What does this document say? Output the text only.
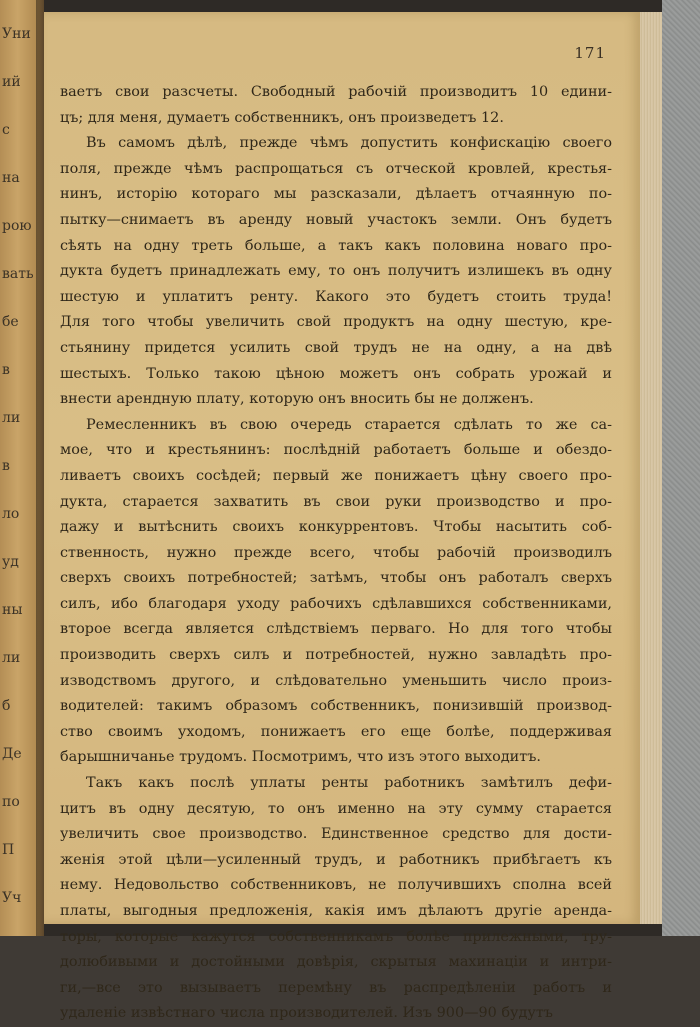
Уни
ий
с
на
рою
вать
бе
в
ли
в
ло
уд
ны
ли
б
Де
по
П
Уч
171
ваетъ свои разсчеты. Свободный рабочій производитъ 10 едини-
цъ; для меня, думаетъ собственникъ, онъ произведетъ 12.
Въ самомъ дѣлѣ, прежде чѣмъ допустить конфискацію своего
поля, прежде чѣмъ распрощаться съ отческой кровлей, крестья-
нинъ, исторію котораго мы разсказали, дѣлаетъ отчаянную по-
пытку—снимаетъ въ аренду новый участокъ земли. Онъ будетъ
сѣять на одну треть больше, а такъ какъ половина новаго про-
дукта будетъ принадлежать ему, то онъ получитъ излишекъ въ одну
шестую и уплатитъ ренту. Какого это будетъ стоить труда!
Для того чтобы увеличить свой продуктъ на одну шестую, кре-
стьянину придется усилить свой трудъ не на одну, а на двѣ
шестыхъ. Только такою цѣною можетъ онъ собрать урожай и
внести арендную плату, которую онъ вносить бы не долженъ.
Ремесленникъ въ свою очередь старается сдѣлать то же са-
мое, что и крестьянинъ: послѣдній работаетъ больше и обездо-
ливаетъ своихъ сосѣдей; первый же понижаетъ цѣну своего про-
дукта, старается захватить въ свои руки производство и про-
дажу и вытѣснить своихъ конкуррентовъ. Чтобы насытить соб-
ственность, нужно прежде всего, чтобы рабочій производилъ
сверхъ своихъ потребностей; затѣмъ, чтобы онъ работалъ сверхъ
силъ, ибо благодаря уходу рабочихъ сдѣлавшихся собственниками,
второе всегда является слѣдствіемъ перваго. Но для того чтобы
производить сверхъ силъ и потребностей, нужно завладѣть про-
изводствомъ другого, и слѣдовательно уменьшить число произ-
водителей: такимъ образомъ собственникъ, понизившій производ-
ство своимъ уходомъ, понижаетъ его еще болѣе, поддерживая
барышничанье трудомъ. Посмотримъ, что изъ этого выходитъ.
Такъ какъ послѣ уплаты ренты работникъ замѣтилъ дефи-
цитъ въ одну десятую, то онъ именно на эту сумму старается
увеличить свое производство. Единственное средство для дости-
женія этой цѣли—усиленный трудъ, и работникъ прибѣгаетъ къ
нему. Недовольство собственниковъ, не получившихъ сполна всей
платы, выгодныя предложенія, какія имъ дѣлаютъ другіе арендa-
торы, которые кажутся собственникамъ болѣе прилежными, тру-
долюбивыми и достойными довѣрія, скрытыя махинаціи и интри-
ги,—все это вызываетъ перемѣну въ распредѣленіи работъ и
удаленіе извѣстнаго числа производителей. Изъ 900—90 будутъ
